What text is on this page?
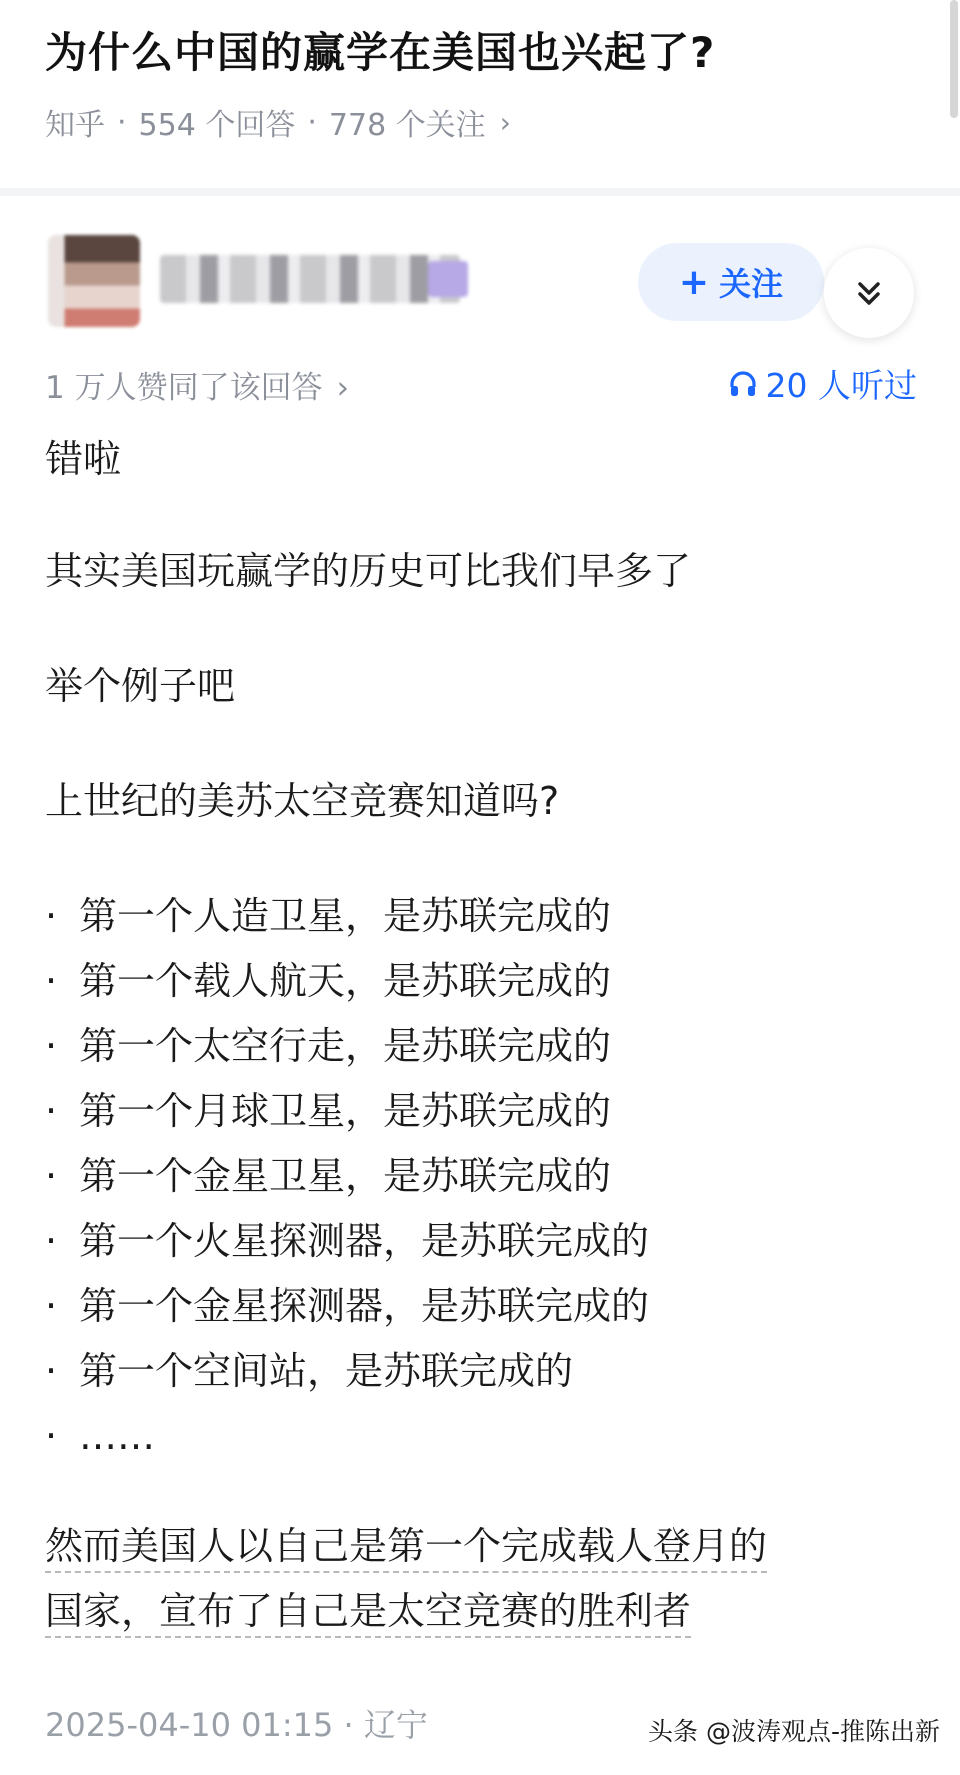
为什么中国的赢学在美国也兴起了?
知乎 · 554 个回答 · 778 个关注 ›
+ 关注
1 万人赞同了该回答 ›	20 人听过
错啦
其实美国玩赢学的历史可比我们早多了
举个例子吧
上世纪的美苏太空竞赛知道吗?
· 第一个人造卫星，是苏联完成的
· 第一个载人航天，是苏联完成的
· 第一个太空行走，是苏联完成的
· 第一个月球卫星，是苏联完成的
· 第一个金星卫星，是苏联完成的
· 第一个火星探测器，是苏联完成的
· 第一个金星探测器，是苏联完成的
· 第一个空间站，是苏联完成的
· ……
然而美国人以自己是第一个完成载人登月的
国家，宣布了自己是太空竞赛的胜利者
2025-04-10 01:15 · 辽宁	头条 @波涛观点-推陈出新
